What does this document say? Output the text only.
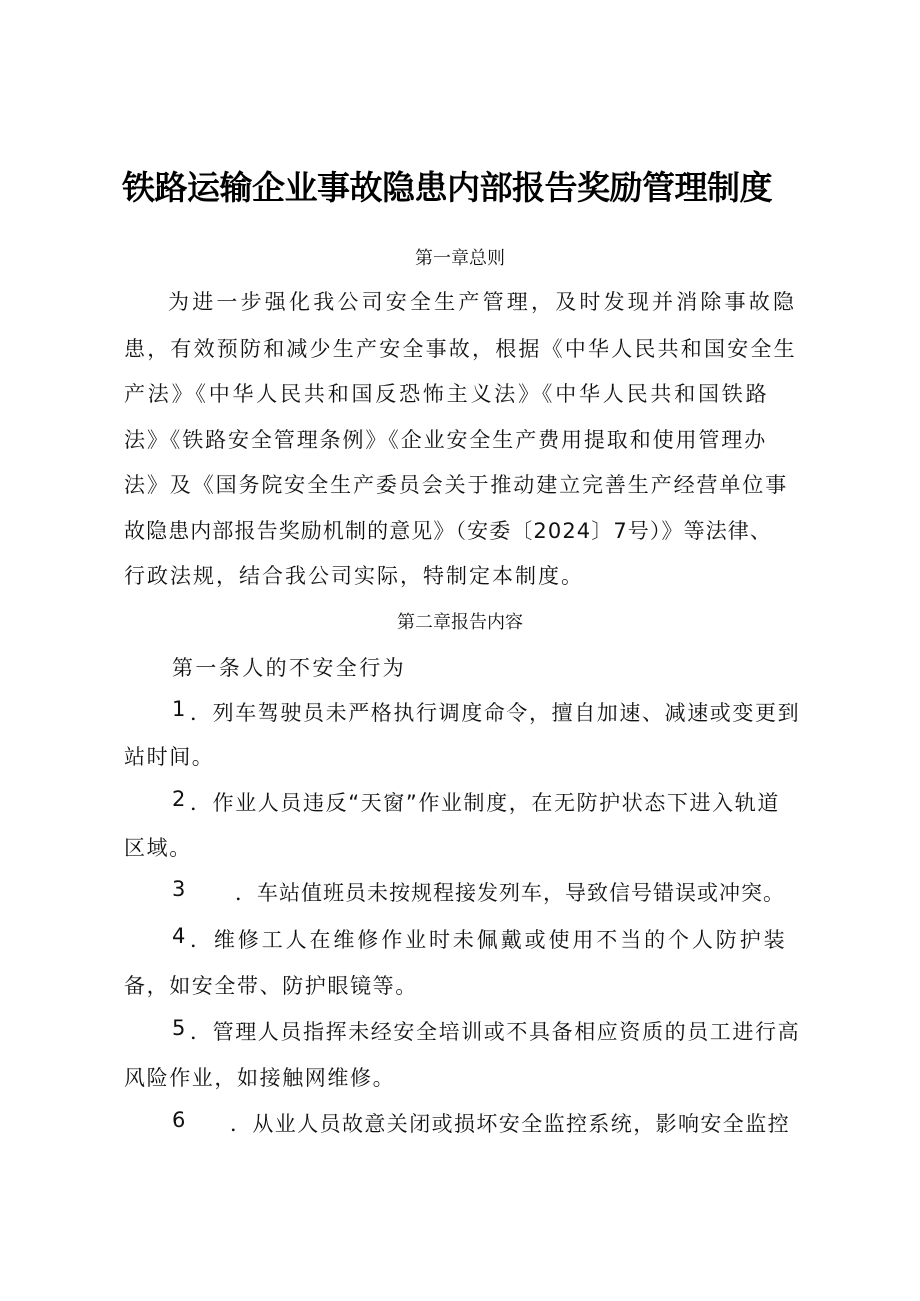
铁路运输企业事故隐患内部报告奖励管理制度
第一章总则
为进一步强化我公司安全生产管理，及时发现并消除事故隐
患，有效预防和减少生产安全事故，根据《中华人民共和国安全生
产法》《中华人民共和国反恐怖主义法》《中华人民共和国铁路
法》《铁路安全管理条例》《企业安全生产费用提取和使用管理办
法》及《国务院安全生产委员会关于推动建立完善生产经营单位事
故隐患内部报告奖励机制的意见》（安委〔2024〕7号）》等法律、
行政法规，结合我公司实际，特制定本制度。
第二章报告内容
第一条人的不安全行为
1 ．列车驾驶员未严格执行调度命令，擅自加速、减速或变更到
站时间。
2 ．作业人员违反“天窗”作业制度，在无防护状态下进入轨道
区域。
3 ．车站值班员未按规程接发列车，导致信号错误或冲突。
4 ．维修工人在维修作业时未佩戴或使用不当的个人防护装
备，如安全带、防护眼镜等。
5 ．管理人员指挥未经安全培训或不具备相应资质的员工进行高
风险作业，如接触网维修。
6 ．从业人员故意关闭或损坏安全监控系统，影响安全监控
